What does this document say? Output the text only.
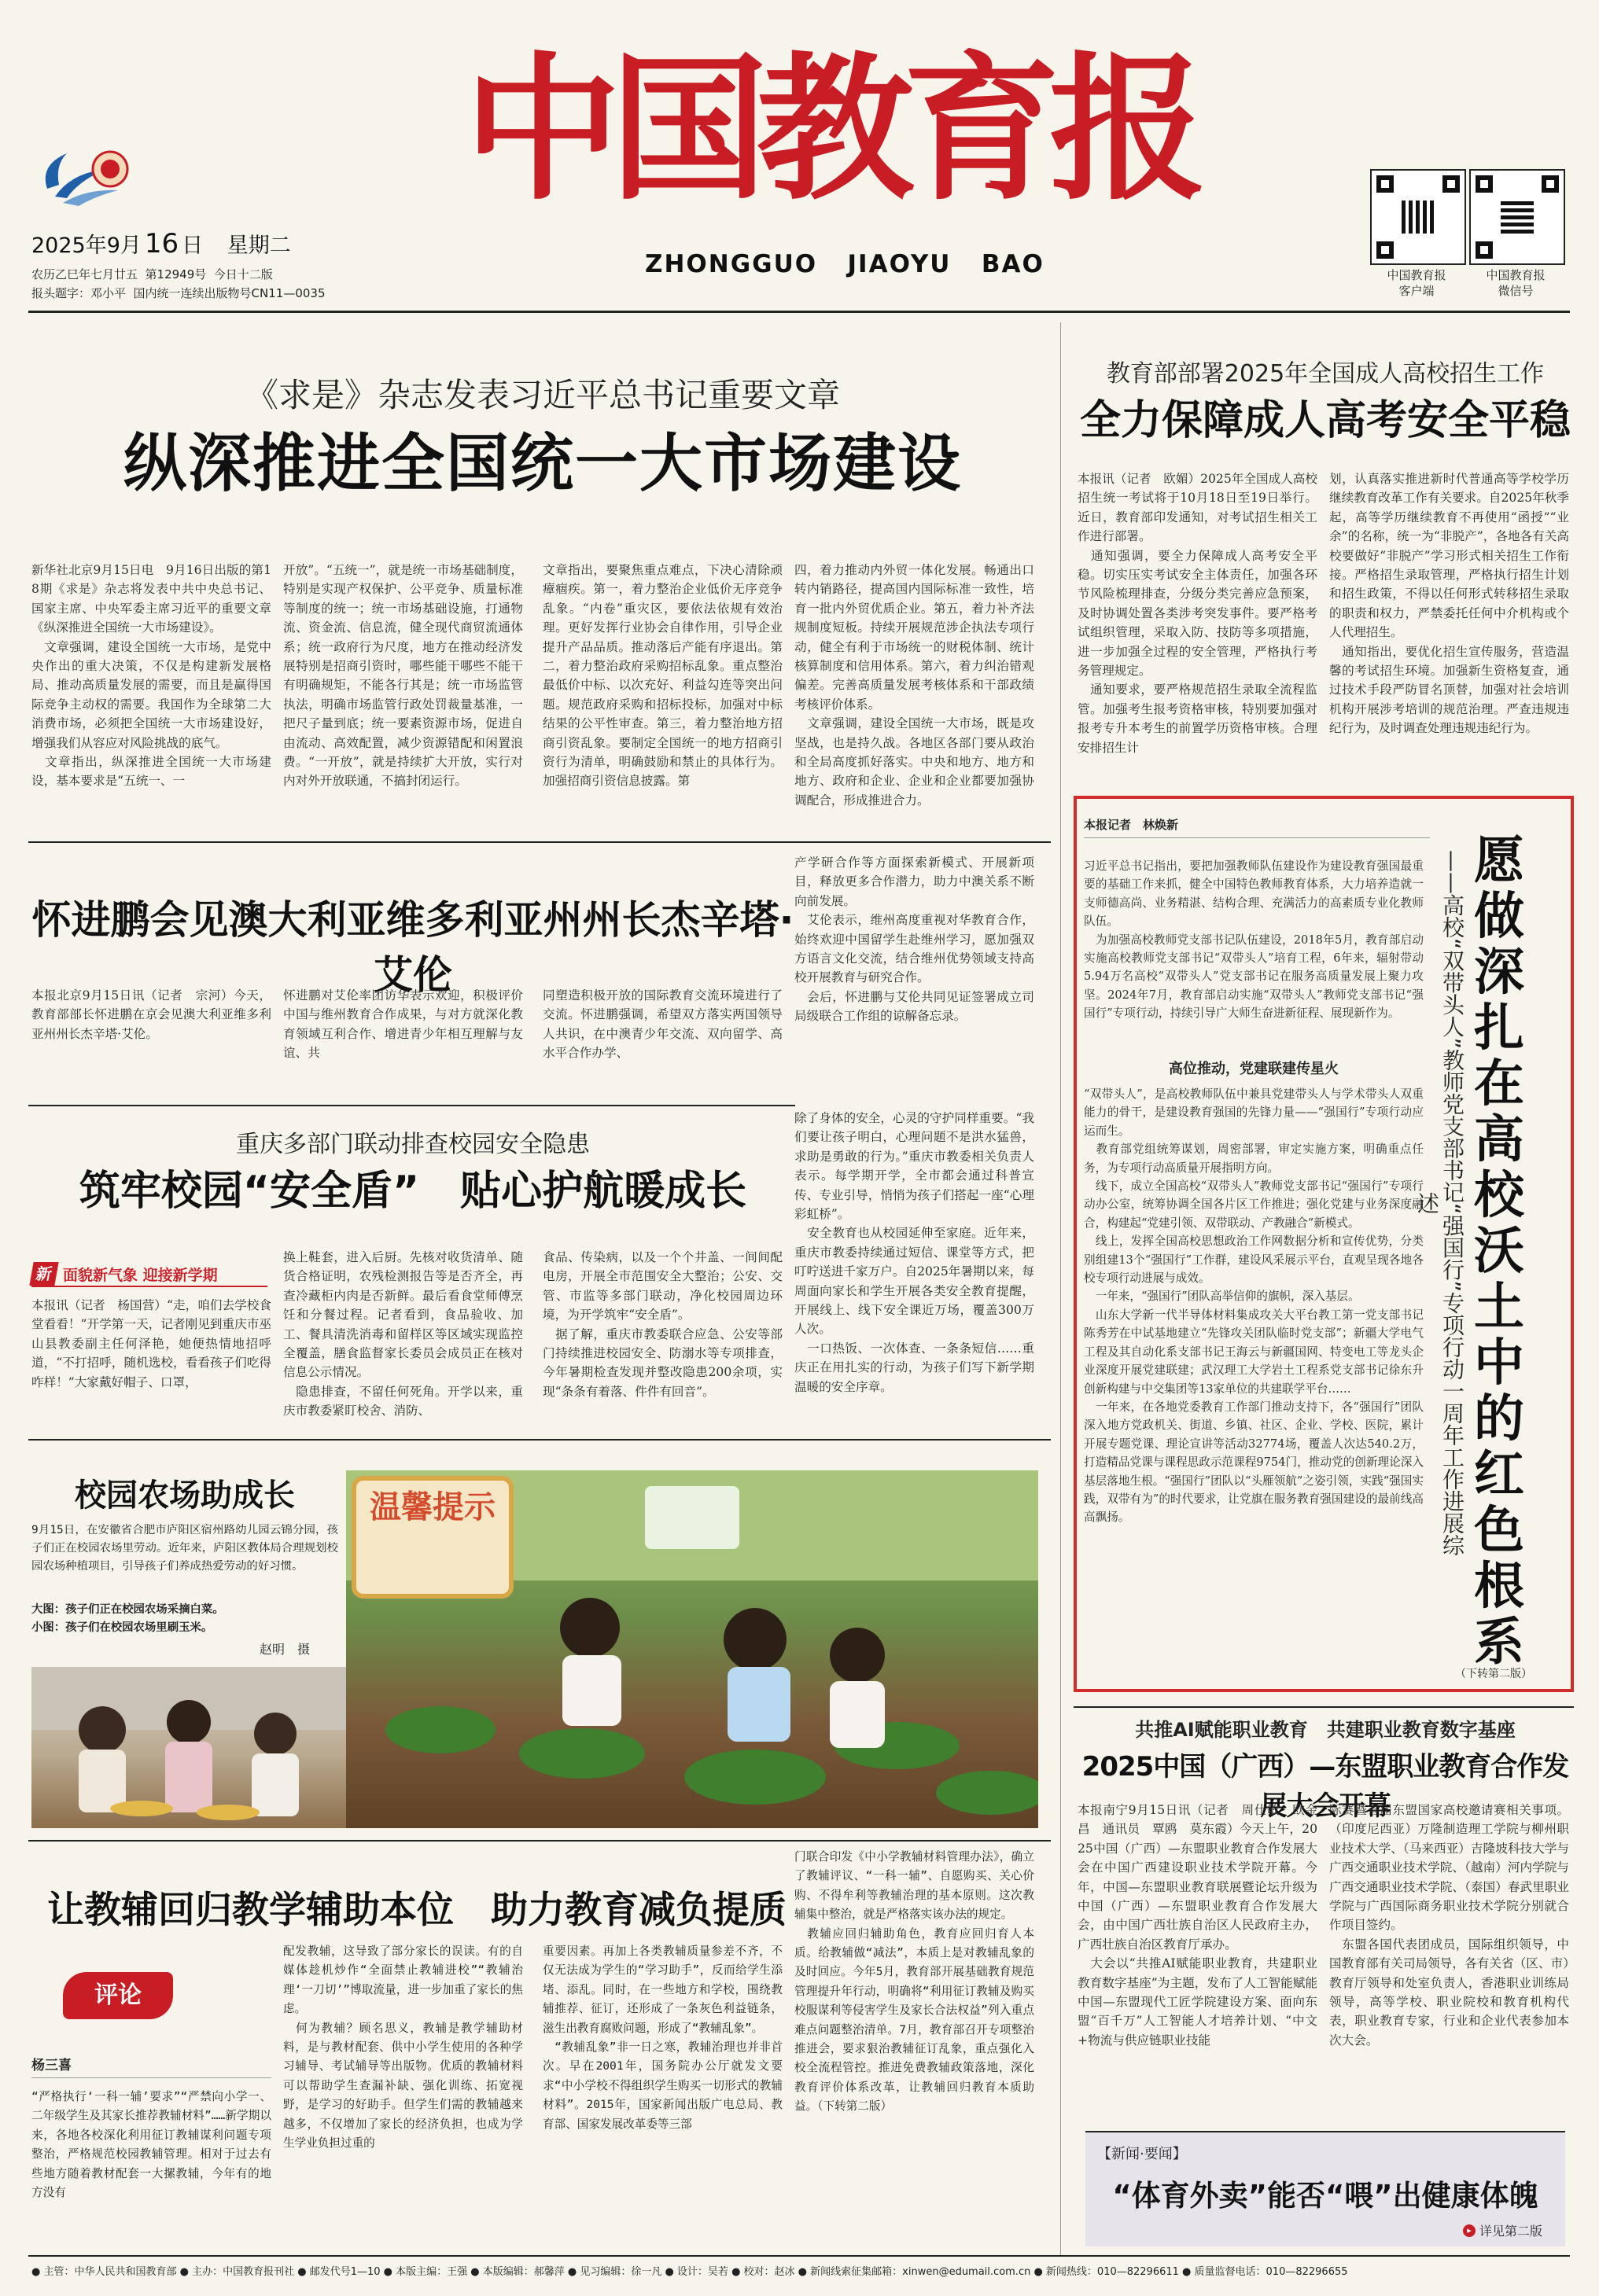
中国教育报
ZHONGGUO   JIAOYU   BAO
2025年9月 16 日 星期二
农历乙巳年七月廿五  第12949号  今日十二版
报头题字：邓小平  国内统一连续出版物号CN11—0035
中国教育报
客户端
中国教育报
微信号
《求是》杂志发表习近平总书记重要文章
纵深推进全国统一大市场建设
新华社北京9月15日电　9月16日出版的第18期《求是》杂志将发表中共中央总书记、国家主席、中央军委主席习近平的重要文章《纵深推进全国统一大市场建设》。
　文章强调，建设全国统一大市场，是党中央作出的重大决策，不仅是构建新发展格局、推动高质量发展的需要，而且是赢得国际竞争主动权的需要。我国作为全球第二大消费市场，必须把全国统一大市场建设好，增强我们从容应对风险挑战的底气。
　文章指出，纵深推进全国统一大市场建设，基本要求是“五统一、一
开放”。“五统一”，就是统一市场基础制度，特别是实现产权保护、公平竞争、质量标准等制度的统一；统一市场基础设施，打通物流、资金流、信息流，健全现代商贸流通体系；统一政府行为尺度，地方在推动经济发展特别是招商引资时，哪些能干哪些不能干有明确规矩，不能各行其是；统一市场监管执法，明确市场监管行政处罚裁量基准，一把尺子量到底；统一要素资源市场，促进自由流动、高效配置，减少资源错配和闲置浪费。“一开放”，就是持续扩大开放，实行对内对外开放联通，不搞封闭运行。
文章指出，要聚焦重点难点，下决心清除顽瘴痼疾。第一，着力整治企业低价无序竞争乱象。“内卷”重灾区，要依法依规有效治理。更好发挥行业协会自律作用，引导企业提升产品品质。推动落后产能有序退出。第二，着力整治政府采购招标乱象。重点整治最低价中标、以次充好、利益勾连等突出问题。规范政府采购和招标投标，加强对中标结果的公平性审查。第三，着力整治地方招商引资乱象。要制定全国统一的地方招商引资行为清单，明确鼓励和禁止的具体行为。加强招商引资信息披露。第
四，着力推动内外贸一体化发展。畅通出口转内销路径，提高国内国际标准一致性，培育一批内外贸优质企业。第五，着力补齐法规制度短板。持续开展规范涉企执法专项行动，健全有利于市场统一的财税体制、统计核算制度和信用体系。第六，着力纠治错观偏差。完善高质量发展考核体系和干部政绩考核评价体系。
　文章强调，建设全国统一大市场，既是攻坚战，也是持久战。各地区各部门要从政治和全局高度抓好落实。中央和地方、地方和地方、政府和企业、企业和企业都要加强协调配合，形成推进合力。
教育部部署2025年全国成人高校招生工作
全力保障成人高考安全平稳
本报讯（记者　欧媚）2025年全国成人高校招生统一考试将于10月18日至19日举行。近日，教育部印发通知，对考试招生相关工作进行部署。
　通知强调，要全力保障成人高考安全平稳。切实压实考试安全主体责任，加强各环节风险梳理排查，分级分类完善应急预案，及时协调处置各类涉考突发事件。要严格考试组织管理，采取入防、技防等多项措施，进一步加强全过程的安全管理，严格执行考务管理规定。
　通知要求，要严格规范招生录取全流程监管。加强考生报考资格审核，特别要加强对报考专升本考生的前置学历资格审核。合理安排招生计
划，认真落实推进新时代普通高等学校学历继续教育改革工作有关要求。自2025年秋季起，高等学历继续教育不再使用“函授”“业余”的名称，统一为“非脱产”，各地各有关高校要做好“非脱产”学习形式相关招生工作衔接。严格招生录取管理，严格执行招生计划和招生政策，不得以任何形式转移招生录取的职责和权力，严禁委托任何中介机构或个人代理招生。
　通知指出，要优化招生宣传服务，营造温馨的考试招生环境。加强新生资格复查，通过技术手段严防冒名顶替，加强对社会培训机构开展涉考培训的规范治理。严查违规违纪行为，及时调查处理违规违纪行为。
本报记者　林焕新
愿做深扎在高校沃土中的红色根系
——高校“双带头人”教师党支部书记“强国行”专项行动一周年工作进展综述
习近平总书记指出，要把加强教师队伍建设作为建设教育强国最重要的基础工作来抓，健全中国特色教师教育体系，大力培养造就一支师德高尚、业务精湛、结构合理、充满活力的高素质专业化教师队伍。
　为加强高校教师党支部书记队伍建设，2018年5月，教育部启动实施高校教师党支部书记“双带头人”培育工程，6年来，辐射带动5.94万名高校“双带头人”党支部书记在服务高质量发展上聚力攻坚。2024年7月，教育部启动实施“双带头人”教师党支部书记“强国行”专项行动，持续引导广大师生奋进新征程、展现新作为。
高位推动，党建联建传星火
“双带头人”，是高校教师队伍中兼具党建带头人与学术带头人双重能力的骨干，是建设教育强国的先锋力量——“强国行”专项行动应运而生。
　教育部党组统筹谋划，周密部署，审定实施方案，明确重点任务，为专项行动高质量开展指明方向。
　线下，成立全国高校“双带头人”教师党支部书记“强国行”专项行动办公室，统筹协调全国各片区工作推进；强化党建与业务深度融合，构建起“党建引领、双带联动、产教融合”新模式。
　线上，发挥全国高校思想政治工作网数据分析和宣传优势，分类别组建13个“强国行”工作群，建设风采展示平台，直观呈现各地各校专项行动进展与成效。
　一年来，“强国行”团队高举信仰的旗帜，深入基层。
　山东大学新一代半导体材料集成攻关大平台教工第一党支部书记陈秀芳在中试基地建立“先锋攻关团队临时党支部”；新疆大学电气工程及其自动化系支部书记王海云与新疆国网、特变电工等龙头企业深度开展党建联建；武汉理工大学岩土工程系党支部书记徐东升创新构建与中交集团等13家单位的共建联学平台……
　一年来，在各地党委教育工作部门推动支持下，各“强国行”团队深入地方党政机关、街道、乡镇、社区、企业、学校、医院，累计开展专题党课、理论宣讲等活动32774场，覆盖人次达540.2万，打造精品党课与课程思政示范课程9754门，推动党的创新理论深入基层落地生根。“强国行”团队以“头雁领航”之姿引领，实践“强国实践，双带有为”的时代要求，让党旗在服务教育强国建设的最前线高高飘扬。
（下转第二版）
怀进鹏会见澳大利亚维多利亚州州长杰辛塔·艾伦
本报北京9月15日讯（记者　宗河）今天，教育部部长怀进鹏在京会见澳大利亚维多利亚州州长杰辛塔·艾伦。
怀进鹏对艾伦率团访华表示欢迎，积极评价中国与维州教育合作成果，与对方就深化教育领域互利合作、增进青少年相互理解与友谊、共
同塑造积极开放的国际教育交流环境进行了交流。怀进鹏强调，希望双方落实两国领导人共识，在中澳青少年交流、双向留学、高水平合作办学、
产学研合作等方面探索新模式、开展新项目，释放更多合作潜力，助力中澳关系不断向前发展。
　艾伦表示，维州高度重视对华教育合作，始终欢迎中国留学生赴维州学习，愿加强双方语言文化交流，结合维州优势领域支持高校开展教育与研究合作。
　会后，怀进鹏与艾伦共同见证签署成立司局级联合工作组的谅解备忘录。
重庆多部门联动排查校园安全隐患
筑牢校园“安全盾”　贴心护航暖成长
新 面貌新气象 迎接新学期
本报讯（记者　杨国营）“走，咱们去学校食堂看看！”开学第一天，记者刚见到重庆市巫山县教委副主任何泽艳，她便热情地招呼道，“不打招呼，随机选校，看看孩子们吃得咋样！”大家戴好帽子、口罩，
换上鞋套，进入后厨。先核对收货清单、随货合格证明，农残检测报告等是否齐全，再查冷藏柜内肉是否新鲜。最后看食堂师傅烹饪和分餐过程。记者看到，食品验收、加工、餐具清洗消毒和留样区等区域实现监控全覆盖，膳食监督家长委员会成员正在核对信息公示情况。
　隐患排查，不留任何死角。开学以来，重庆市教委紧盯校舍、消防、
食品、传染病，以及一个个井盖、一间间配电房，开展全市范围安全大整治；公安、交管、市监等多部门联动，净化校园周边环境，为开学筑牢“安全盾”。
　据了解，重庆市教委联合应急、公安等部门持续推进校园安全、防溺水等专项排查，今年暑期检查发现并整改隐患200余项，实现“条条有着落、件件有回音”。
除了身体的安全，心灵的守护同样重要。“我们要让孩子明白，心理问题不是洪水猛兽，求助是勇敢的行为。”重庆市教委相关负责人表示。每学期开学，全市都会通过科普宣传、专业引导，悄悄为孩子们搭起一座“心理彩虹桥”。
　安全教育也从校园延伸至家庭。近年来，重庆市教委持续通过短信、课堂等方式，把叮咛送进千家万户。自2025年暑期以来，每周面向家长和学生开展各类安全教育提醒，开展线上、线下安全课近万场，覆盖300万人次。
　一口热饭、一次体查、一条条短信……重庆正在用扎实的行动，为孩子们写下新学期温暖的安全序章。
校园农场助成长
9月15日，在安徽省合肥市庐阳区宿州路幼儿园云锦分园，孩子们正在校园农场里劳动。近年来，庐阳区教体局合理规划校园农场种植项目，引导孩子们养成热爱劳动的好习惯。
大图：孩子们正在校园农场采摘白菜。
小图：孩子们在校园农场里刷玉米。
赵明　摄
温馨提示
共推AI赋能职业教育　共建职业教育数字基座
2025中国（广西）—东盟职业教育合作发展大会开幕
本报南宁9月15日讯（记者　周仕敏　欧金昌　通讯员　覃鸥　莫东霞）今天上午，2025中国（广西）—东盟职业教育合作发展大会在中国广西建设职业技术学院开幕。今年，中国—东盟职业教育联展暨论坛升级为中国（广西）—东盟职业教育合作发展大会，由中国广西壮族自治区人民政府主办，广西壮族自治区教育厅承办。
　大会以“共推AI赋能职业教育，共建职业教育数字基座”为主题，发布了人工智能赋能中国—东盟现代工匠学院建设方案、面向东盟“百千万”人工智能人才培养计划、“中文+物流与供应链职业技能
际赛暨首届东盟国家高校邀请赛相关事项。（印度尼西亚）万隆制造理工学院与柳州职业技术大学、（马来西亚）吉隆坡科技大学与广西交通职业技术学院、（越南）河内学院与广西交通职业技术学院、（泰国）春武里职业学院与广西国际商务职业技术学院分别就合作项目签约。
　东盟各国代表团成员，国际组织领导，中国教育部有关司局领导，各有关省（区、市）教育厅领导和处室负责人，香港职业训练局领导，高等学校、职业院校和教育机构代表，职业教育专家，行业和企业代表参加本次大会。
让教辅回归教学辅助本位　助力教育减负提质
评论
杨三喜
“严格执行‘一科一辅’要求”“严禁向小学一、二年级学生及其家长推荐教辅材料”……新学期以来，各地各校深化利用征订教辅谋利问题专项整治，严格规范校园教辅管理。相对于过去有些地方随着教材配套一大摞教辅，今年有的地方没有
配发教辅，这导致了部分家长的误读。有的自媒体趁机炒作“全面禁止教辅进校”“教辅治理‘一刀切’”博取流量，进一步加重了家长的焦虑。
　何为教辅？顾名思义，教辅是教学辅助材料，是与教材配套、供中小学生使用的各种学习辅导、考试辅导等出版物。优质的教辅材料可以帮助学生查漏补缺、强化训练、拓宽视野，是学习的好助手。但学生们需的教辅越来越多，不仅增加了家长的经济负担，也成为学生学业负担过重的
重要因素。再加上各类教辅质量参差不齐，不仅无法成为学生的“学习助手”，反而给学生添堵、添乱。同时，在一些地方和学校，围绕教辅推荐、征订，还形成了一条灰色利益链条，滋生出教育腐败问题，形成了“教辅乱象”。
　“教辅乱象”非一日之寒，教辅治理也并非首次。早在2001年，国务院办公厅就发文要求“中小学校不得组织学生购买一切形式的教辅材料”。2015年，国家新闻出版广电总局、教育部、国家发展改革委等三部
门联合印发《中小学教辅材料管理办法》，确立了教辅评议、“一科一辅”、自愿购买、关心价购、不得牟利等教辅治理的基本原则。这次教辅集中整治，就是严格落实该办法的规定。
　教辅应回归辅助角色，教育应回归育人本质。给教辅做“减法”，本质上是对教辅乱象的及时回应。今年5月，教育部开展基础教育规范管理提升年行动，明确将“利用征订教辅及购买校服谋利等侵害学生及家长合法权益”列入重点难点问题整治清单。7月，教育部召开专项整治推进会，要求狠治教辅征订乱象，重点强化入校全流程管控。推进免费教辅政策落地，深化教育评价体系改革，让教辅回归教育本质助益。（下转第二版）
【新闻·要闻】
“体育外卖”能否“喂”出健康体魄
▸ 详见第二版
● 主管：中华人民共和国教育部 ● 主办：中国教育报刊社 ● 邮发代号1—10 ● 本版主编：王强 ● 本版编辑：郝馨萍 ● 见习编辑：徐一凡 ● 设计：吴若 ● 校对：赵冰 ● 新闻线索征集邮箱：xinwen@edumail.com.cn ● 新闻热线：010—82296611 ● 质量监督电话：010—82296655
